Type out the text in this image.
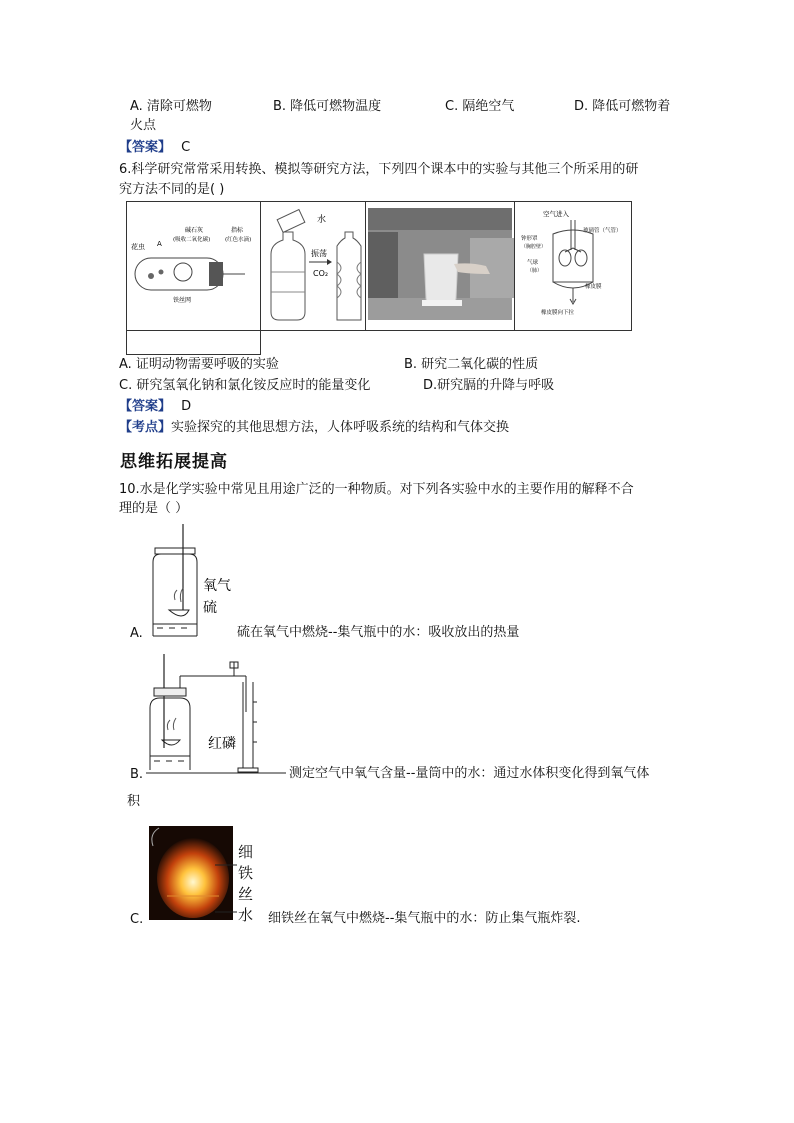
A. 清除可燃物	B. 降低可燃物温度	C. 隔绝空气	D. 降低可燃物着
火点
【答案】 C
6.科学研究常常采用转换、模拟等研究方法，下列四个课本中的实验与其他三个所采用的研
究方法不同的是( )
花虫 A
碱石灰
(吸收二氧化碳)
指标
(红色水滴)
铁丝网

水
振荡
CO₂

空气进入
玻璃管（气管）
钟形罩
（胸腔壁）
气球
（肺）
橡皮膜
橡皮膜向下拉

A. 证明动物需要呼吸的实验	B. 研究二氧化碳的性质
C. 研究氢氧化钠和氯化铵反应时的能量变化	D.研究膈的升降与呼吸
【答案】 D
【考点】实验探究的其他思想方法，人体呼吸系统的结构和气体交换
思维拓展提高
10.水是化学实验中常见且用途广泛的一种物质。对下列各实验中水的主要作用的解释不合
理的是（ ）
氧气
硫
A.	硫在氧气中燃烧--集气瓶中的水：吸收放出的热量
红磷
B.	测定空气中氧气含量--量筒中的水：通过水体积变化得到氧气体
积
细
铁
丝
水
C.	细铁丝在氧气中燃烧--集气瓶中的水：防止集气瓶炸裂.
